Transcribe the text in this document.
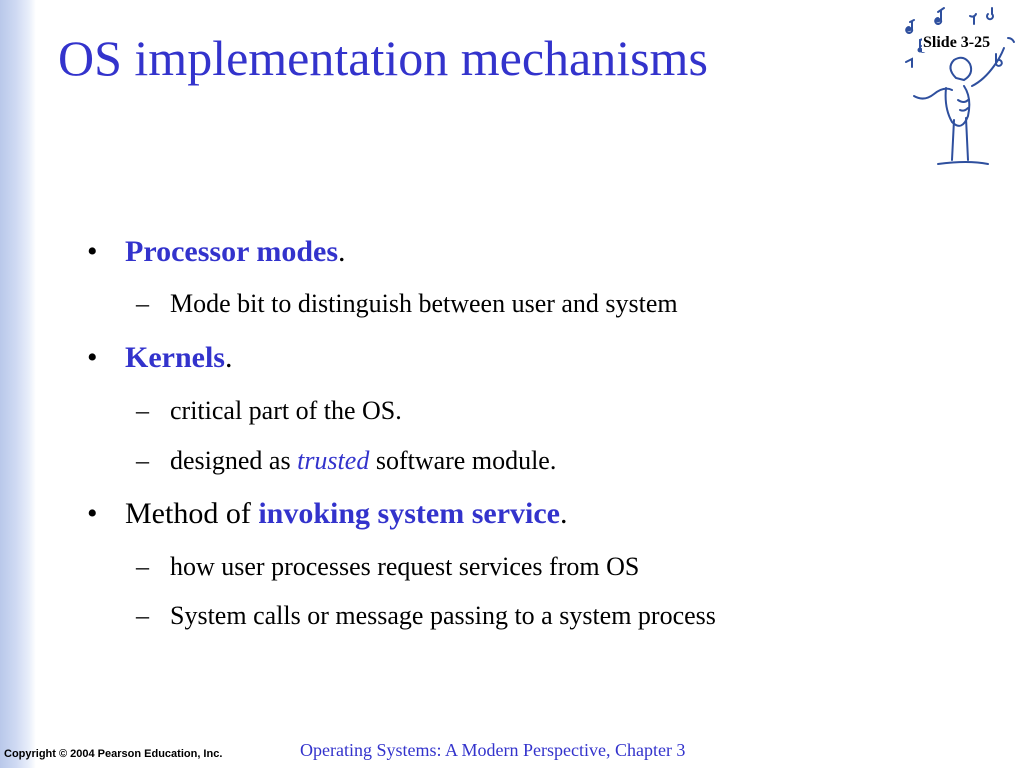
OS implementation mechanisms	Slide 3-25
• Processor modes.
– Mode bit to distinguish between user and system
• Kernels.
– critical part of the OS.
– designed as trusted software module.
• Method of invoking system service.
– how user processes request services from OS
– System calls or message passing to a system process
Copyright © 2004 Pearson Education, Inc.	Operating Systems: A Modern Perspective, Chapter 3
